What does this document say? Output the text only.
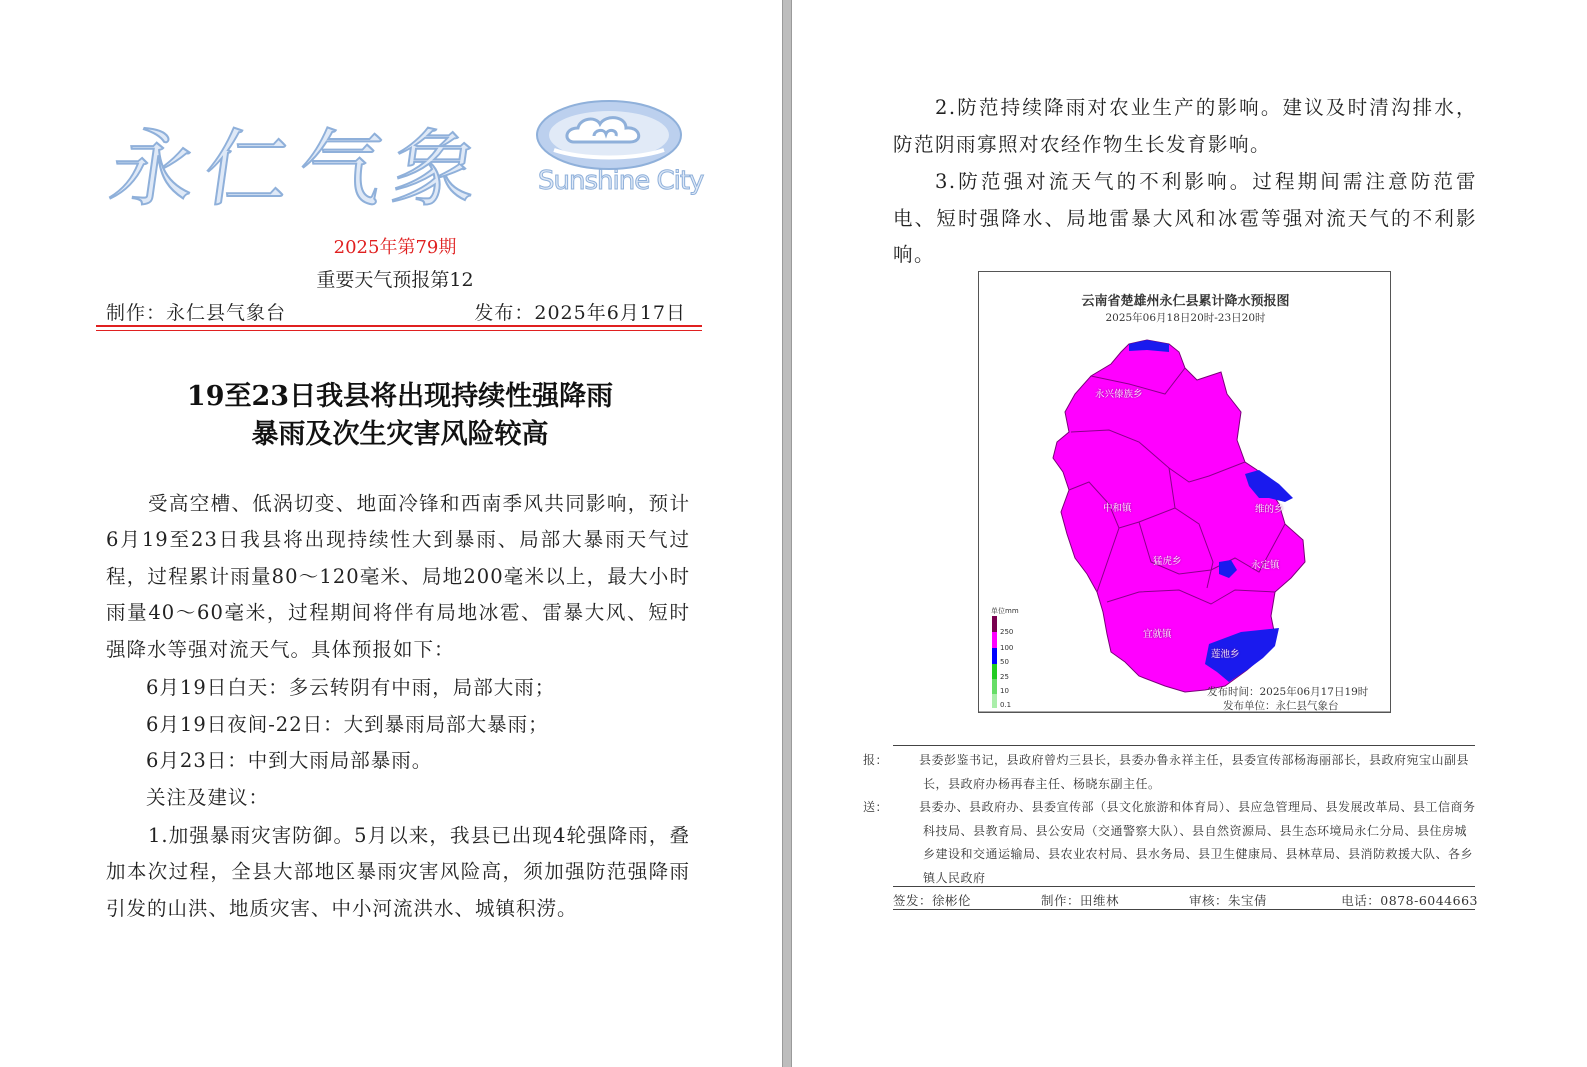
永仁气象 Sunshine City
2025年第79期
重要天气预报第12
制作：永仁县气象台	发布：2025年6月17日
19至23日我县将出现持续性强降雨
暴雨及次生灾害风险较高
受高空槽、低涡切变、地面冷锋和西南季风共同影响，预计6月19至23日我县将出现持续性大到暴雨、局部大暴雨天气过程，过程累计雨量80～120毫米、局地200毫米以上，最大小时雨量40～60毫米，过程期间将伴有局地冰雹、雷暴大风、短时强降水等强对流天气。具体预报如下：
6月19日白天：多云转阴有中雨，局部大雨；
6月19日夜间-22日：大到暴雨局部大暴雨；
6月23日：中到大雨局部暴雨。
关注及建议：
1.加强暴雨灾害防御。5月以来，我县已出现4轮强降雨，叠加本次过程，全县大部地区暴雨灾害风险高，须加强防范强降雨引发的山洪、地质灾害、中小河流洪水、城镇积涝。
2.防范持续降雨对农业生产的影响。建议及时清沟排水，防范阴雨寡照对农经作物生长发育影响。
3.防范强对流天气的不利影响。过程期间需注意防范雷电、短时强降水、局地雷暴大风和冰雹等强对流天气的不利影响。
云南省楚雄州永仁县累计降水预报图
2025年06月18日20时-23日20时
永兴傣族乡
中和镇	维的乡
猛虎乡	永定镇
宜就镇
莲池乡
单位mm
250
100
50
25
10
0.1
发布时间：2025年06月17日19时
发布单位：永仁县气象台
报：	县委彭鉴书记，县政府曾灼三县长，县委办鲁永祥主任，县委宣传部杨海丽部长，县政府宛宝山副县长，县政府办杨再春主任、杨晓东副主任。
送：	县委办、县政府办、县委宣传部（县文化旅游和体育局）、县应急管理局、县发展改革局、县工信商务科技局、县教育局、县公安局（交通警察大队）、县自然资源局、县生态环境局永仁分局、县住房城乡建设和交通运输局、县农业农村局、县水务局、县卫生健康局、县林草局、县消防救援大队、各乡镇人民政府
签发：徐彬伦	制作：田维林	审核：朱宝倩	电话：0878-6044663
